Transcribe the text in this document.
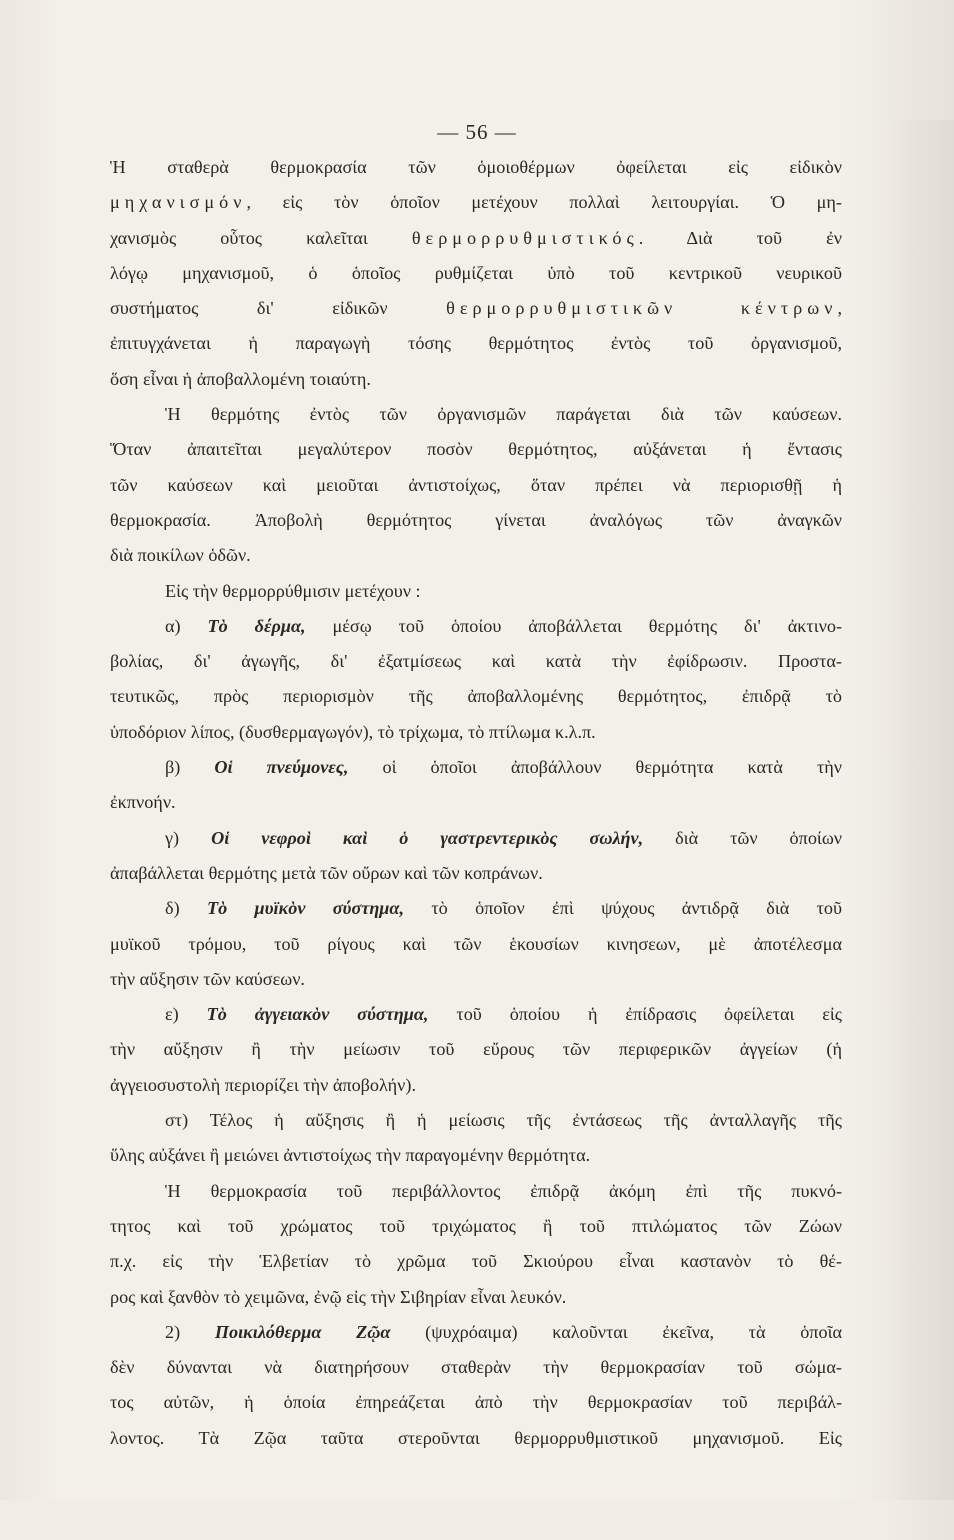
— 56 —
Ἡ σταθερὰ θερμοκρασία τῶν ὁμοιοθέρμων ὀφείλεται εἰς εἰδικὸν
μηχανισμόν, εἰς τὸν ὁποῖον μετέχουν πολλαὶ λειτουργίαι. Ὁ μη-
χανισμὸς οὗτος καλεῖται θερμορρυθμιστικός. Διὰ τοῦ ἐν
λόγῳ μηχανισμοῦ, ὁ ὁποῖος ρυθμίζεται ὑπὸ τοῦ κεντρικοῦ νευρικοῦ
συστήματος δι' εἰδικῶν θερμορρυθμιστικῶν κέντρων,
ἐπιτυγχάνεται ἡ παραγωγὴ τόσης θερμότητος ἐντὸς τοῦ ὀργανισμοῦ,
ὅση εἶναι ἡ ἀποβαλλομένη τοιαύτη.
Ἡ θερμότης ἐντὸς τῶν ὀργανισμῶν παράγεται διὰ τῶν καύσεων.
Ὅταν ἀπαιτεῖται μεγαλύτερον ποσὸν θερμότητος, αὐξάνεται ἡ ἔντασις
τῶν καύσεων καὶ μειοῦται ἀντιστοίχως, ὅταν πρέπει νὰ περιορισθῇ ἡ
θερμοκρασία. Ἀποβολὴ θερμότητος γίνεται ἀναλόγως τῶν ἀναγκῶν
διὰ ποικίλων ὁδῶν.
Εἰς τὴν θερμορρύθμισιν μετέχουν :
α) Τὸ δέρμα, μέσῳ τοῦ ὁποίου ἀποβάλλεται θερμότης δι' ἀκτινο-
βολίας, δι' ἀγωγῆς, δι' ἐξατμίσεως καὶ κατὰ τὴν ἐφίδρωσιν. Προστα-
τευτικῶς, πρὸς περιορισμὸν τῆς ἀποβαλλομένης θερμότητος, ἐπιδρᾷ τὸ
ὑποδόριον λίπος, (δυσθερμαγωγόν), τὸ τρίχωμα, τὸ πτίλωμα κ.λ.π.
β) Οἱ πνεύμονες, οἱ ὁποῖοι ἀποβάλλουν θερμότητα κατὰ τὴν
ἐκπνοήν.
γ) Οἱ νεφροὶ καὶ ὁ γαστρεντερικὸς σωλήν, διὰ τῶν ὁποίων
ἀπαβάλλεται θερμότης μετὰ τῶν οὔρων καὶ τῶν κοπράνων.
δ) Τὸ μυϊκὸν σύστημα, τὸ ὁποῖον ἐπὶ ψύχους ἀντιδρᾷ διὰ τοῦ
μυϊκοῦ τρόμου, τοῦ ρίγους καὶ τῶν ἑκουσίων κινησεων, μὲ ἀποτέλεσμα
τὴν αὔξησιν τῶν καύσεων.
ε) Τὸ ἀγγειακὸν σύστημα, τοῦ ὁποίου ἡ ἐπίδρασις ὀφείλεται εἰς
τὴν αὔξησιν ἢ τὴν μείωσιν τοῦ εὔρους τῶν περιφερικῶν ἀγγείων (ἡ
ἀγγειοσυστολὴ περιορίζει τὴν ἀποβολήν).
στ) Τέλος ἡ αὔξησις ἢ ἡ μείωσις τῆς ἐντάσεως τῆς ἀνταλλαγῆς τῆς
ὕλης αὐξάνει ἢ μειώνει ἀντιστοίχως τὴν παραγομένην θερμότητα.
Ἡ θερμοκρασία τοῦ περιβάλλοντος ἐπιδρᾷ ἀκόμη ἐπὶ τῆς πυκνό-
τητος καὶ τοῦ χρώματος τοῦ τριχώματος ἢ τοῦ πτιλώματος τῶν Ζώων
π.χ. εἰς τὴν Ἑλβετίαν τὸ χρῶμα τοῦ Σκιούρου εἶναι καστανὸν τὸ θέ-
ρος καὶ ξανθὸν τὸ χειμῶνα, ἐνῷ εἰς τὴν Σιβηρίαν εἶναι λευκόν.
2) Ποικιλόθερμα Ζῷα (ψυχρόαιμα) καλοῦνται ἐκεῖνα, τὰ ὁποῖα
δὲν δύνανται νὰ διατηρήσουν σταθερὰν τὴν θερμοκρασίαν τοῦ σώμα-
τος αὐτῶν, ἡ ὁποία ἐπηρεάζεται ἀπὸ τὴν θερμοκρασίαν τοῦ περιβάλ-
λοντος. Τὰ Ζῷα ταῦτα στεροῦνται θερμορρυθμιστικοῦ μηχανισμοῦ. Εἰς
